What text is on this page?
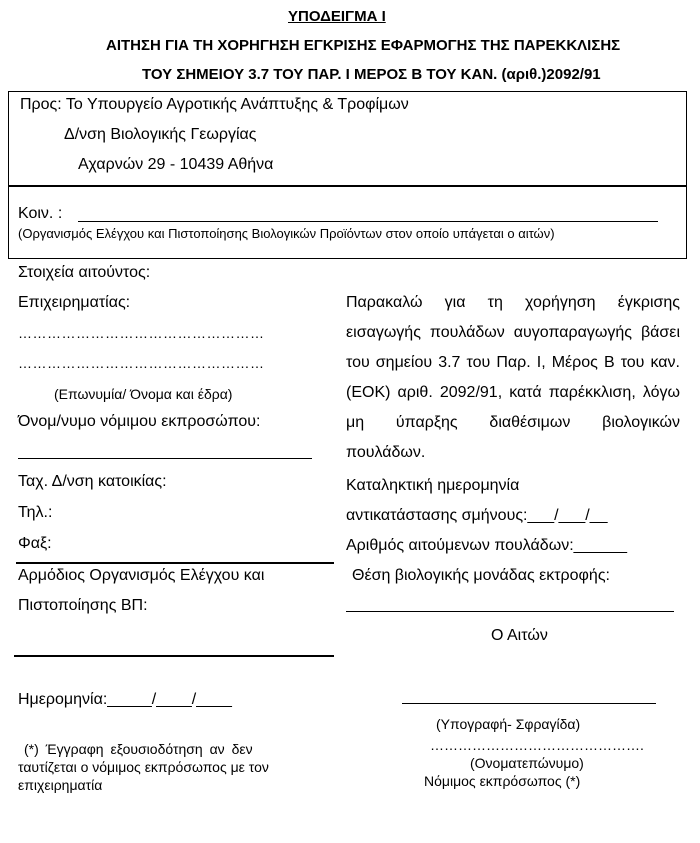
ΥΠΟΔΕΙΓΜΑ Ι
ΑΙΤΗΣΗ ΓΙΑ ΤΗ ΧΟΡΗΓΗΣΗ ΕΓΚΡΙΣΗΣ ΕΦΑΡΜΟΓΗΣ ΤΗΣ ΠΑΡΕΚΚΛΙΣΗΣ
ΤΟΥ ΣΗΜΕΙΟΥ 3.7 ΤΟΥ ΠΑΡ. Ι ΜΕΡΟΣ Β ΤΟΥ ΚΑΝ. (αριθ.)2092/91
Προς: Το Υπουργείο Αγροτικής Ανάπτυξης & Τροφίμων
Δ/νση Βιολογικής Γεωργίας
Αχαρνών 29 - 10439 Αθήνα
Κοιν. :
(Οργανισμός Ελέγχου και Πιστοποίησης Βιολογικών Προϊόντων στον οποίο υπάγεται ο αιτών)
Στοιχεία αιτούντος:
Επιχειρηματίας:
……………………………………………
……………………………………………
(Επωνυμία/ Όνομα και έδρα)
Όνομ/νυμο νόμιμου εκπροσώπου:
Ταχ. Δ/νση κατοικίας:
Τηλ.:
Φαξ:
Αρμόδιος Οργανισμός Ελέγχου και
Πιστοποίησης ΒΠ:
Ημερομηνία:_____/____/____
(*) Έγγραφη εξουσιοδότηση αν δεν
ταυτίζεται ο νόμιμος εκπρόσωπος με τον
επιχειρηματία
Παρακαλώ για τη χορήγηση έγκρισης εισαγωγής πουλάδων αυγοπαραγωγής βάσει του σημείου 3.7 του Παρ. Ι, Μέρος Β του καν. (ΕΟΚ) αριθ. 2092/91, κατά παρέκκλιση, λόγω μη ύπαρξης διαθέσιμων βιολογικών πουλάδων.
Καταληκτική ημερομηνία
αντικατάστασης σμήνους:___/___/__
Αριθμός αιτούμενων πουλάδων:______
Θέση βιολογικής μονάδας εκτροφής:
Ο Αιτών
(Υπογραφή- Σφραγίδα)
……………………………………….
(Ονοματεπώνυμο)
Νόμιμος εκπρόσωπος (*)
